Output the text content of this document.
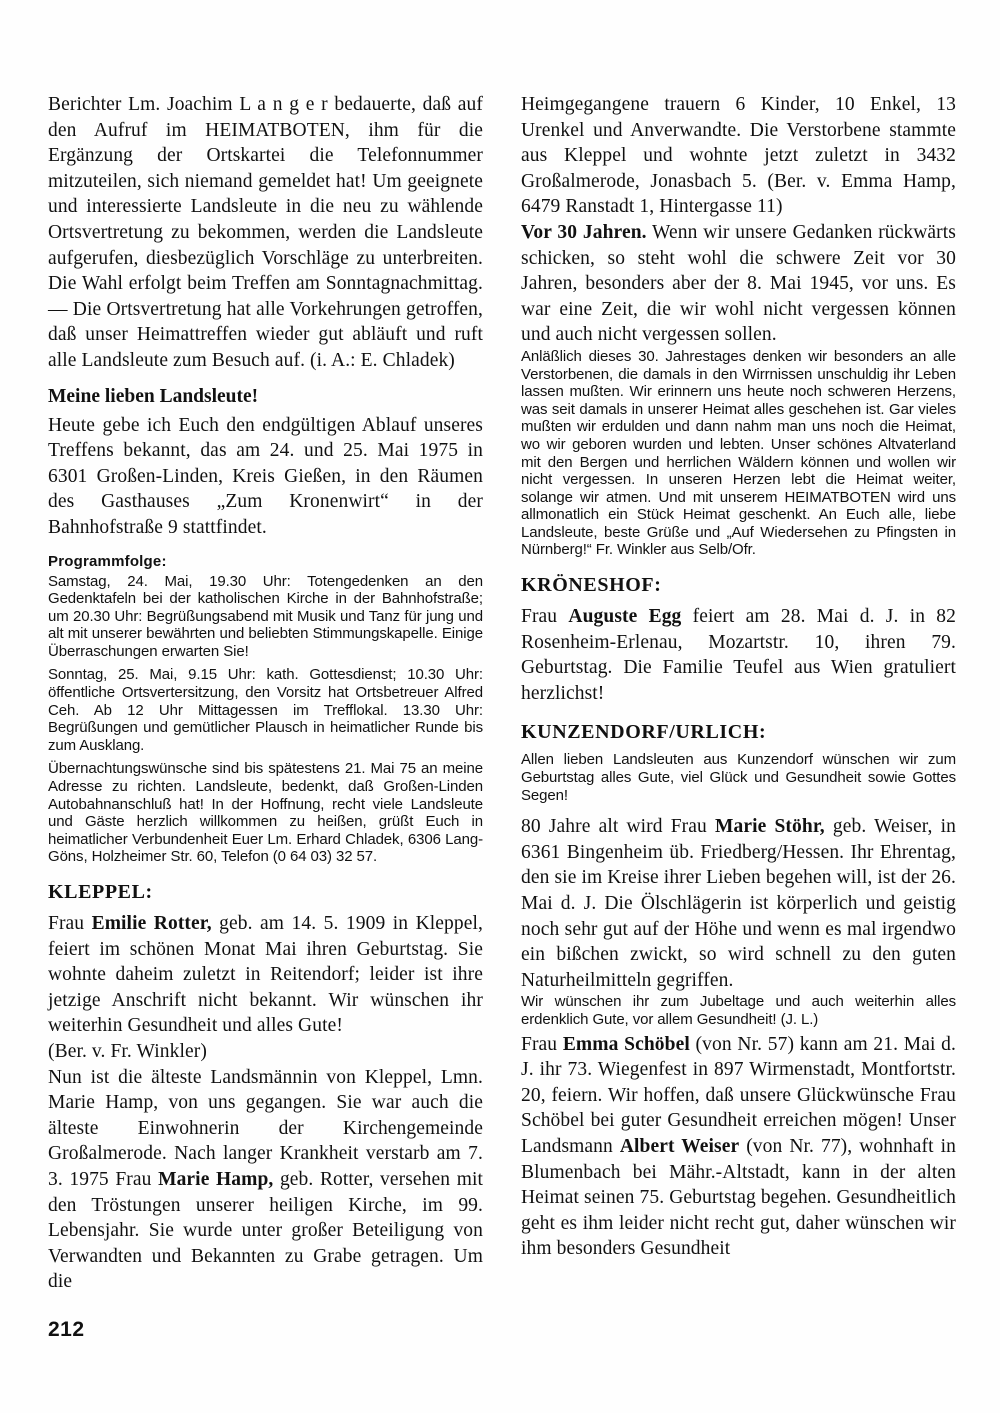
Berichter Lm. Joachim L a n g e r bedauerte, daß auf den Aufruf im HEIMATBOTEN, ihm für die Ergänzung der Ortskartei die Telefonnummer mitzuteilen, sich niemand gemeldet hat! Um geeignete und interessierte Landsleute in die neu zu wählende Ortsvertretung zu bekommen, werden die Landsleute aufgerufen, diesbezüglich Vorschläge zu unterbreiten. Die Wahl erfolgt beim Treffen am Sonntagnachmittag. — Die Ortsvertretung hat alle Vorkehrungen getroffen, daß unser Heimattreffen wieder gut abläuft und ruft alle Landsleute zum Besuch auf. (i. A.: E. Chladek)

Meine lieben Landsleute!

Heute gebe ich Euch den endgültigen Ablauf unseres Treffens bekannt, das am 24. und 25. Mai 1975 in 6301 Großen-Linden, Kreis Gießen, in den Räumen des Gasthauses „Zum Kronenwirt“ in der Bahnhofstraße 9 stattfindet.

Programmfolge:

Samstag, 24. Mai, 19.30 Uhr: Totengedenken an den Gedenktafeln bei der katholischen Kirche in der Bahnhofstraße; um 20.30 Uhr: Begrüßungsabend mit Musik und Tanz für jung und alt mit unserer bewährten und beliebten Stimmungskapelle. Einige Überraschungen erwarten Sie!

Sonntag, 25. Mai, 9.15 Uhr: kath. Gottesdienst; 10.30 Uhr: öffentliche Ortsvertersitzung, den Vorsitz hat Ortsbetreuer Alfred Ceh. Ab 12 Uhr Mittagessen im Trefflokal. 13.30 Uhr: Begrüßungen und gemütlicher Plausch in heimatlicher Runde bis zum Ausklang.

Übernachtungswünsche sind bis spätestens 21. Mai 75 an meine Adresse zu richten. Landsleute, bedenkt, daß Großen-Linden Autobahnanschluß hat! In der Hoffnung, recht viele Landsleute und Gäste herzlich willkommen zu heißen, grüßt Euch in heimatlicher Verbundenheit Euer Lm. Erhard Chladek, 6306 Lang-Göns, Holzheimer Str. 60, Telefon (0 64 03) 32 57.

KLEPPEL:

Frau Emilie Rotter, geb. am 14. 5. 1909 in Kleppel, feiert im schönen Monat Mai ihren Geburtstag. Sie wohnte daheim zuletzt in Reitendorf; leider ist ihre jetzige Anschrift nicht bekannt. Wir wünschen ihr weiterhin Gesundheit und alles Gute!

(Ber. v. Fr. Winkler)

Nun ist die älteste Landsmännin von Kleppel, Lmn. Marie Hamp, von uns gegangen. Sie war auch die älteste Einwohnerin der Kirchengemeinde Großalmerode. Nach langer Krankheit verstarb am 7. 3. 1975 Frau Marie Hamp, geb. Rotter, versehen mit den Tröstungen unserer heiligen Kirche, im 99. Lebensjahr. Sie wurde unter großer Beteiligung von Verwandten und Bekannten zu Grabe getragen. Um die

Heimgegangene trauern 6 Kinder, 10 Enkel, 13 Urenkel und Anverwandte. Die Verstorbene stammte aus Kleppel und wohnte jetzt zuletzt in 3432 Großalmerode, Jonasbach 5. (Ber. v. Emma Hamp, 6479 Ranstadt 1, Hintergasse 11)

Vor 30 Jahren. Wenn wir unsere Gedanken rückwärts schicken, so steht wohl die schwere Zeit vor 30 Jahren, besonders aber der 8. Mai 1945, vor uns. Es war eine Zeit, die wir wohl nicht vergessen können und auch nicht vergessen sollen.

Anläßlich dieses 30. Jahrestages denken wir besonders an alle Verstorbenen, die damals in den Wirrnissen unschuldig ihr Leben lassen mußten. Wir erinnern uns heute noch schweren Herzens, was seit damals in unserer Heimat alles geschehen ist. Gar vieles mußten wir erdulden und dann nahm man uns noch die Heimat, wo wir geboren wurden und lebten. Unser schönes Altvaterland mit den Bergen und herrlichen Wäldern können und wollen wir nicht vergessen. In unseren Herzen lebt die Heimat weiter, solange wir atmen. Und mit unserem HEIMATBOTEN wird uns allmonatlich ein Stück Heimat geschenkt. An Euch alle, liebe Landsleute, beste Grüße und „Auf Wiedersehen zu Pfingsten in Nürnberg!“ Fr. Winkler aus Selb/Ofr.

KRÖNESHOF:

Frau Auguste Egg feiert am 28. Mai d. J. in 82 Rosenheim-Erlenau, Mozartstr. 10, ihren 79. Geburtstag. Die Familie Teufel aus Wien gratuliert herzlichst!

KUNZENDORF/URLICH:

Allen lieben Landsleuten aus Kunzendorf wünschen wir zum Geburtstag alles Gute, viel Glück und Gesundheit sowie Gottes Segen!

80 Jahre alt wird Frau Marie Stöhr, geb. Weiser, in 6361 Bingenheim üb. Friedberg/Hessen. Ihr Ehrentag, den sie im Kreise ihrer Lieben begehen will, ist der 26. Mai d. J. Die Ölschlägerin ist körperlich und geistig noch sehr gut auf der Höhe und wenn es mal irgendwo ein bißchen zwickt, so wird schnell zu den guten Naturheilmitteln gegriffen.

Wir wünschen ihr zum Jubeltage und auch weiterhin alles erdenklich Gute, vor allem Gesundheit! (J. L.)

Frau Emma Schöbel (von Nr. 57) kann am 21. Mai d. J. ihr 73. Wiegenfest in 897 Wirmenstadt, Montfortstr. 20, feiern. Wir hoffen, daß unsere Glückwünsche Frau Schöbel bei guter Gesundheit erreichen mögen! Unser Landsmann Albert Weiser (von Nr. 77), wohnhaft in Blumenbach bei Mähr.-Altstadt, kann in der alten Heimat seinen 75. Geburtstag begehen. Gesundheitlich geht es ihm leider nicht recht gut, daher wünschen wir ihm besonders Gesundheit

212
